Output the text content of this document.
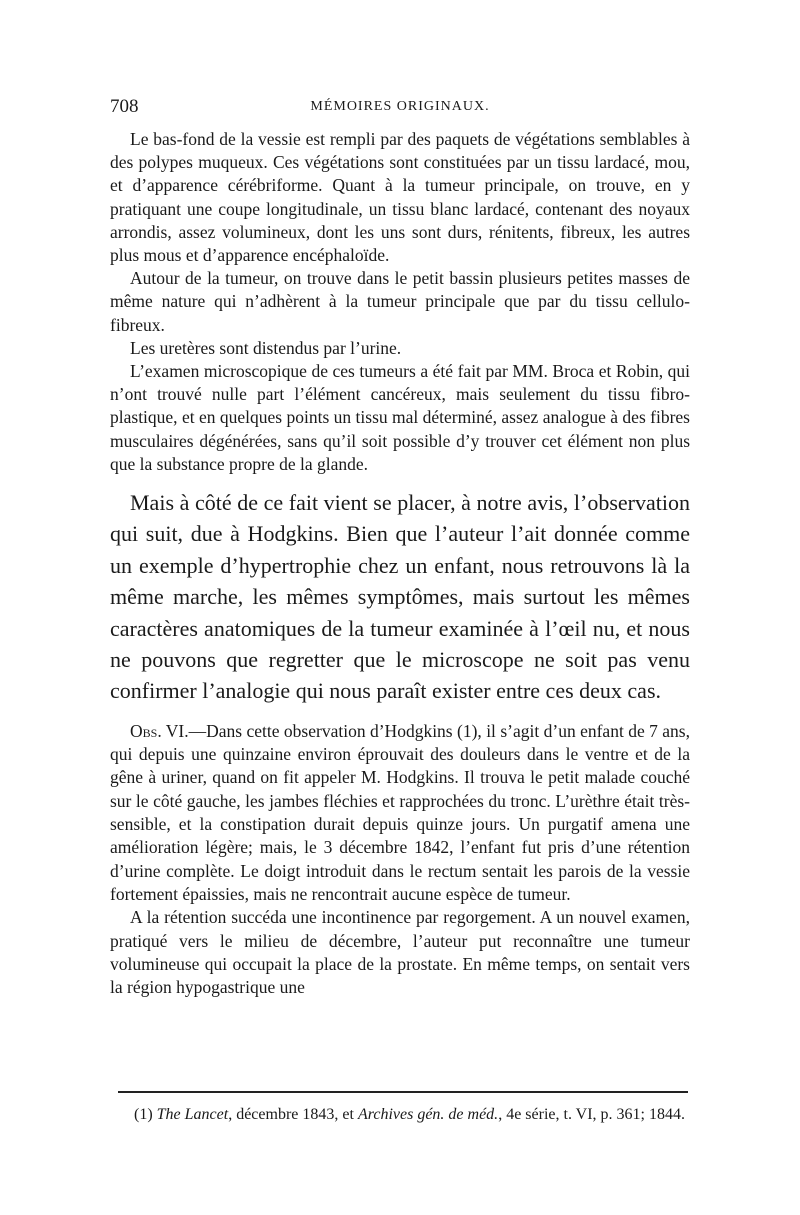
708	MÉMOIRES ORIGINAUX.

Le bas-fond de la vessie est rempli par des paquets de végétations semblables à des polypes muqueux. Ces végétations sont constituées par un tissu lardacé, mou, et d’apparence cérébriforme. Quant à la tumeur principale, on trouve, en y pratiquant une coupe longitudinale, un tissu blanc lardacé, contenant des noyaux arrondis, assez volumineux, dont les uns sont durs, rénitents, fibreux, les autres plus mous et d’apparence encéphaloïde.

Autour de la tumeur, on trouve dans le petit bassin plusieurs petites masses de même nature qui n’adhèrent à la tumeur principale que par du tissu cellulo-fibreux.

Les uretères sont distendus par l’urine.

L’examen microscopique de ces tumeurs a été fait par MM. Broca et Robin, qui n’ont trouvé nulle part l’élément cancéreux, mais seulement du tissu fibro-plastique, et en quelques points un tissu mal déterminé, assez analogue à des fibres musculaires dégénérées, sans qu’il soit possible d’y trouver cet élément non plus que la substance propre de la glande.

Mais à côté de ce fait vient se placer, à notre avis, l’observation qui suit, due à Hodgkins. Bien que l’auteur l’ait donnée comme un exemple d’hypertrophie chez un enfant, nous retrouvons là la même marche, les mêmes symptômes, mais surtout les mêmes caractères anatomiques de la tumeur examinée à l’œil nu, et nous ne pouvons que regretter que le microscope ne soit pas venu confirmer l’analogie qui nous paraît exister entre ces deux cas.

Obs. VI.—Dans cette observation d’Hodgkins (1), il s’agit d’un enfant de 7 ans, qui depuis une quinzaine environ éprouvait des douleurs dans le ventre et de la gêne à uriner, quand on fit appeler M. Hodgkins. Il trouva le petit malade couché sur le côté gauche, les jambes fléchies et rapprochées du tronc. L’urèthre était très-sensible, et la constipation durait depuis quinze jours. Un purgatif amena une amélioration légère; mais, le 3 décembre 1842, l’enfant fut pris d’une rétention d’urine complète. Le doigt introduit dans le rectum sentait les parois de la vessie fortement épaissies, mais ne rencontrait aucune espèce de tumeur.

A la rétention succéda une incontinence par regorgement. A un nouvel examen, pratiqué vers le milieu de décembre, l’auteur put reconnaître une tumeur volumineuse qui occupait la place de la prostate. En même temps, on sentait vers la région hypogastrique une

(1) The Lancet, décembre 1843, et Archives gén. de méd., 4e série, t. VI, p. 361; 1844.
